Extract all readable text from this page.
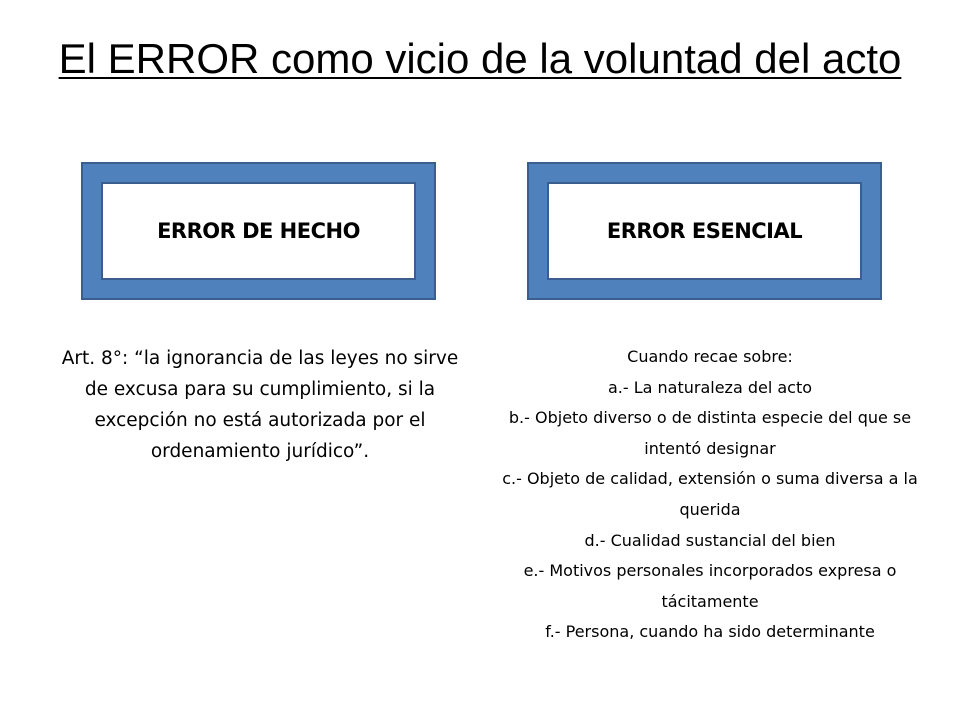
El ERROR como vicio de la voluntad del acto
ERROR DE HECHO	ERROR ESENCIAL

Art. 8°: “la ignorancia de las leyes no sirve de excusa para su cumplimiento, si la excepción no está autorizada por el ordenamiento jurídico”.

Cuando recae sobre:
a.- La naturaleza del acto
b.- Objeto diverso o de distinta especie del que se intentó designar
c.- Objeto de calidad, extensión o suma diversa a la querida
d.- Cualidad sustancial del bien
e.- Motivos personales incorporados expresa o tácitamente
f.- Persona, cuando ha sido determinante
